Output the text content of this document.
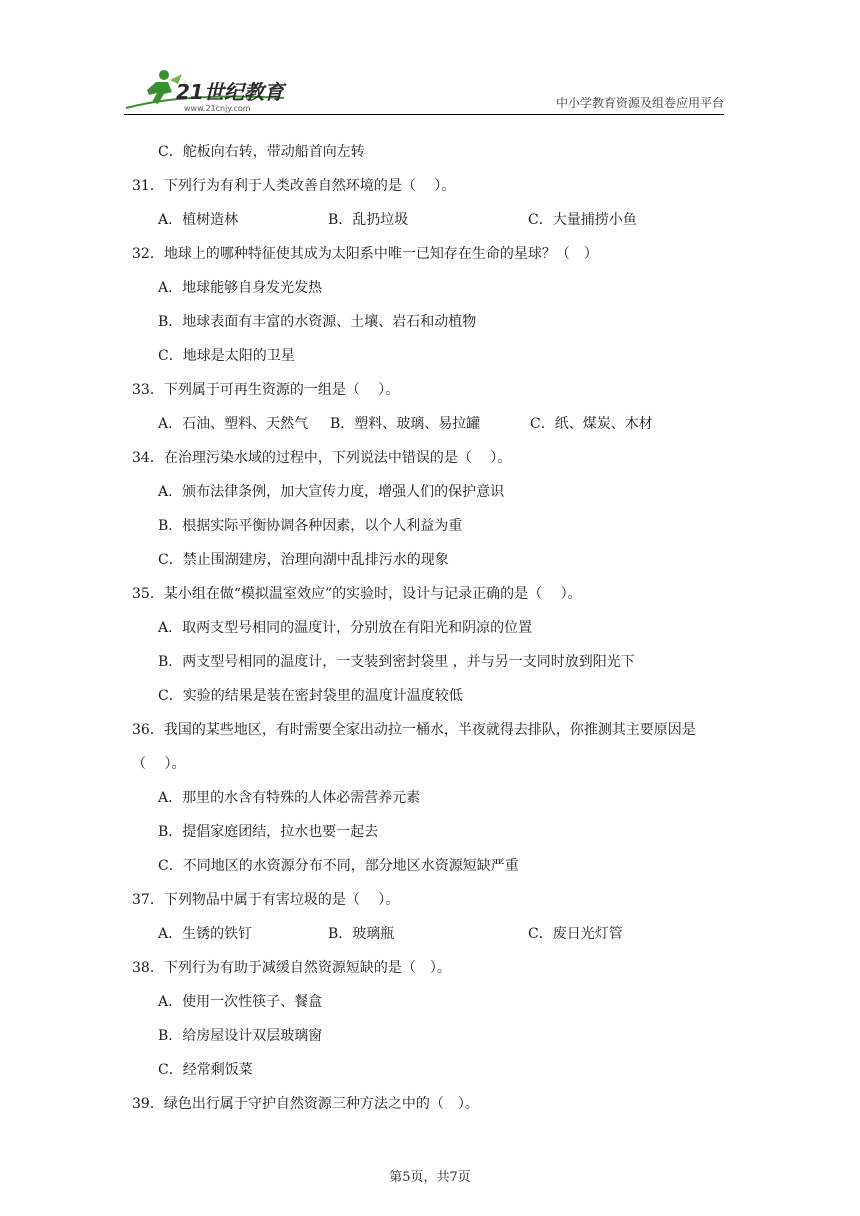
21世纪教育
www.21cnjy.com	中小学教育资源及组卷应用平台
C．舵板向右转，带动船首向左转
31．下列行为有利于人类改善自然环境的是（　 ）。
A．植树造林	B．乱扔垃圾	C．大量捕捞小鱼
32．地球上的哪种特征使其成为太阳系中唯一已知存在生命的星球？（　）
A．地球能够自身发光发热
B．地球表面有丰富的水资源、土壤、岩石和动植物
C．地球是太阳的卫星
33．下列属于可再生资源的一组是（　 ）。
A．石油、塑料、天然气	B．塑料、玻璃、易拉罐	C．纸、煤炭、木材
34．在治理污染水域的过程中，下列说法中错误的是（　 ）。
A．颁布法律条例，加大宣传力度，增强人们的保护意识
B．根据实际平衡协调各种因素，以个人利益为重
C．禁止围湖建房，治理向湖中乱排污水的现象
35．某小组在做“模拟温室效应”的实验时，设计与记录正确的是（　 ）。
A．取两支型号相同的温度计，分别放在有阳光和阴凉的位置
B．两支型号相同的温度计，一支装到密封袋里 ，并与另一支同时放到阳光下
C．实验的结果是装在密封袋里的温度计温度较低
36．我国的某些地区，有时需要全家出动拉一桶水，半夜就得去排队，你推测其主要原因是
（　 ）。
A．那里的水含有特殊的人体必需营养元素
B．提倡家庭团结，拉水也要一起去
C．不同地区的水资源分布不同，部分地区水资源短缺严重
37．下列物品中属于有害垃圾的是（　 ）。
A．生锈的铁钉	B．玻璃瓶	C．废日光灯管
38．下列行为有助于减缓自然资源短缺的是（　）。
A．使用一次性筷子、餐盒
B．给房屋设计双层玻璃窗
C．经常剩饭菜
39．绿色出行属于守护自然资源三种方法之中的（　）。
第5页，共7页
